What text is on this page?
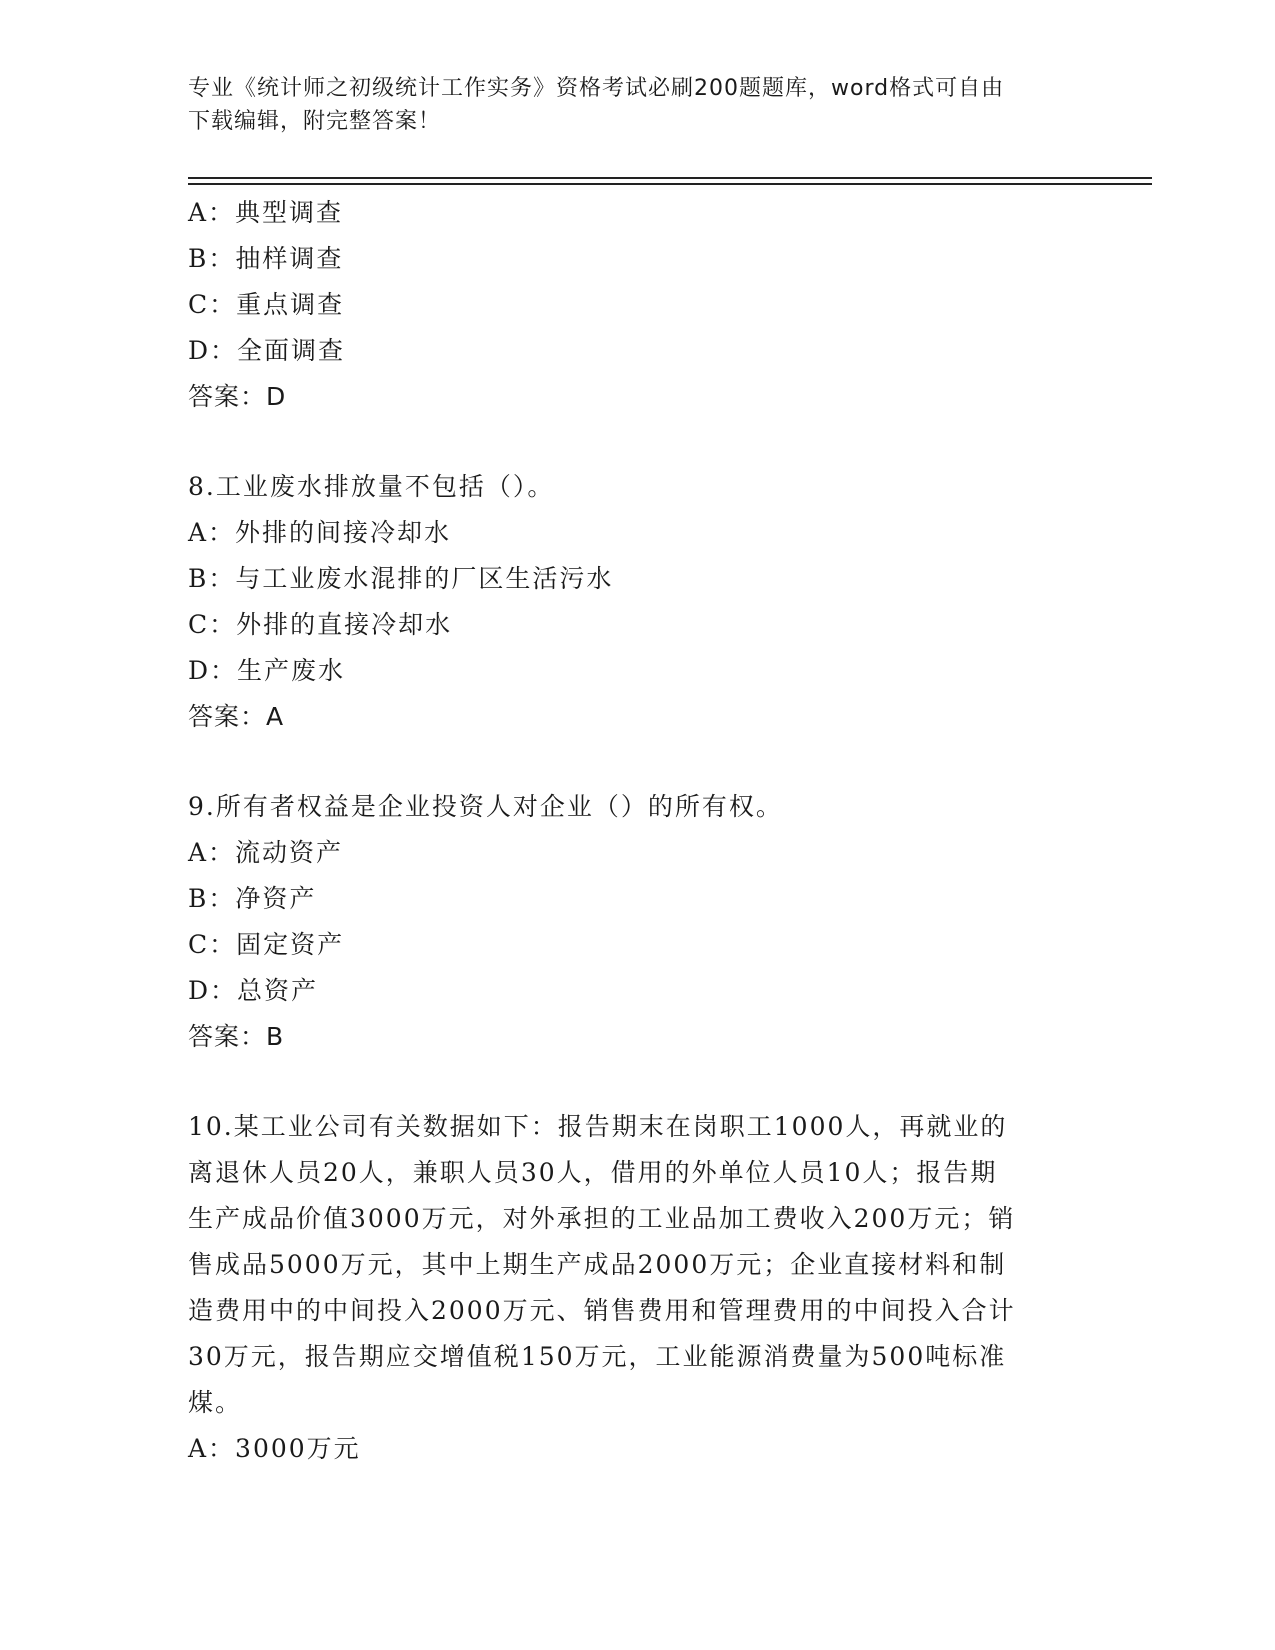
专业《统计师之初级统计工作实务》资格考试必刷200题题库，word格式可自由
下载编辑，附完整答案！
A：典型调查
B：抽样调查
C：重点调查
D：全面调查
答案：D
8.工业废水排放量不包括（）。
A：外排的间接冷却水
B：与工业废水混排的厂区生活污水
C：外排的直接冷却水
D：生产废水
答案：A
9.所有者权益是企业投资人对企业（）的所有权。
A：流动资产
B：净资产
C：固定资产
D：总资产
答案：B
10.某工业公司有关数据如下：报告期末在岗职工1000人，再就业的
离退休人员20人，兼职人员30人，借用的外单位人员10人；报告期
生产成品价值3000万元，对外承担的工业品加工费收入200万元；销
售成品5000万元，其中上期生产成品2000万元；企业直接材料和制
造费用中的中间投入2000万元、销售费用和管理费用的中间投入合计
30万元，报告期应交增值税150万元，工业能源消费量为500吨标准
煤。
A：3000万元
